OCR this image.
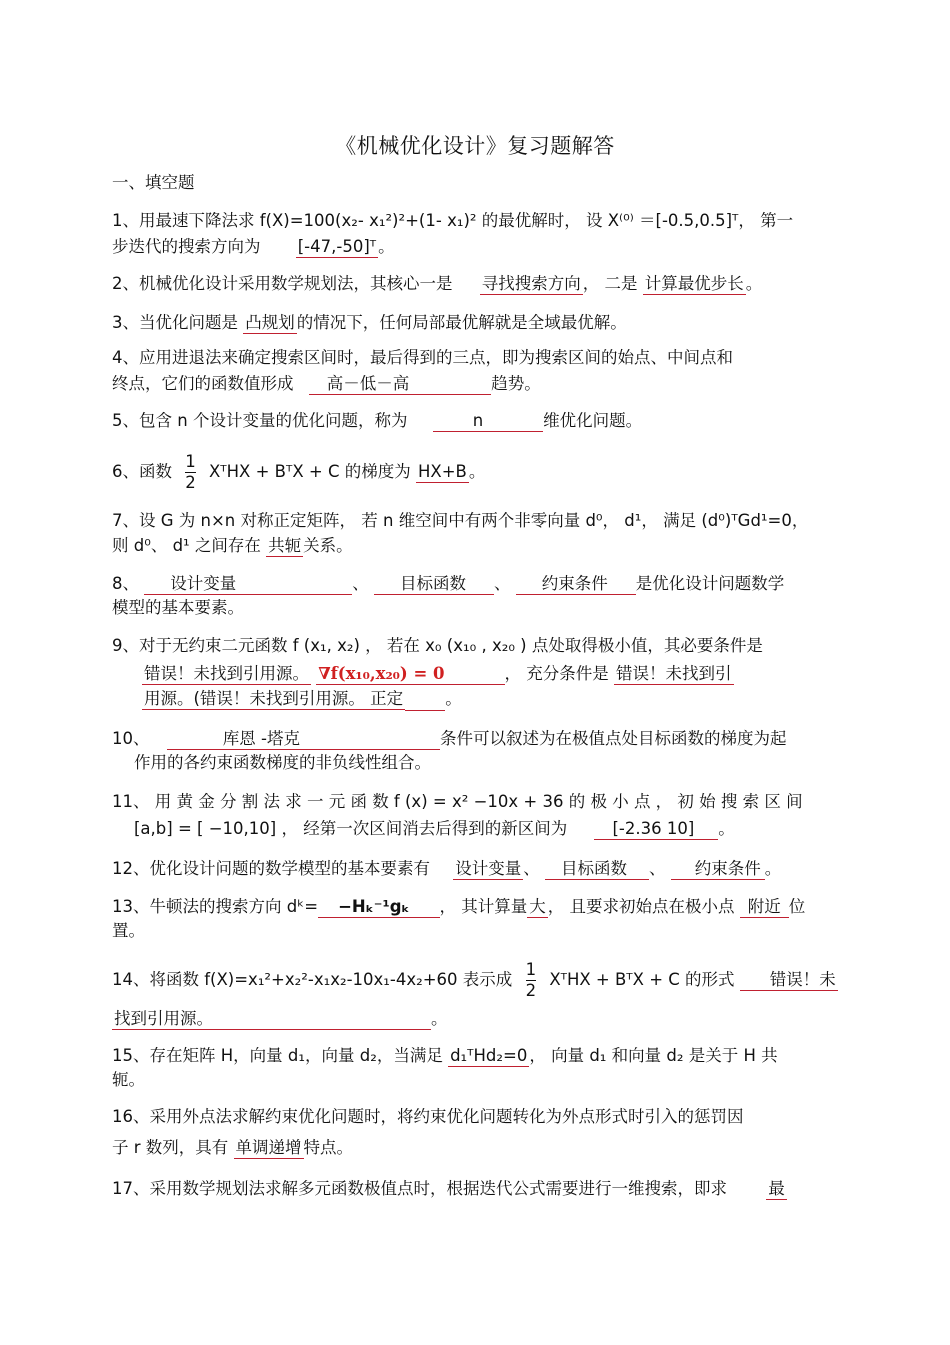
《机械优化设计》复习题解答
一、填空题
1、用最速下降法求 f(X)=100(x₂- x₁²)²+(1- x₁)² 的最优解时， 设 X⁽⁰⁾ ＝[-0.5,0.5]ᵀ， 第一
步迭代的搜索方向为 [-47,-50]ᵀ 。
2、机械优化设计采用数学规划法，其核心一是 寻找搜索方向 ， 二是 计算最优步长 。
3、当优化问题是 凸规划 的情况下，任何局部最优解就是全域最优解。
4、应用进退法来确定搜索区间时，最后得到的三点，即为搜索区间的始点、中间点和
终点，它们的函数值形成 高－低－高	趋势。
5、包含 n 个设计变量的优化问题，称为	n	维优化问题。
6、函数 $\frac{1}{2}$ XᵀHX + BᵀX + C 的梯度为 HX+B 。
7、设 G 为 n×n 对称正定矩阵， 若 n 维空间中有两个非零向量 d⁰， d¹， 满足 (d⁰)ᵀGd¹=0，
则 d⁰、 d¹ 之间存在 共轭 关系。
8、 设计变量	、 目标函数 、 约束条件 是优化设计问题数学
模型的基本要素。
9、对于无约束二元函数 f (x₁, x₂) ， 若在 x₀ (x₁₀ , x₂₀ ) 点处取得极小值，其必要条件是
错误！未找到引用源。 ∇f(x₁₀,x₂₀) = 0	， 充分条件是 错误！未找到引
用源。(错误！未找到引用源。 正定	。
10、	库恩 -塔克	条件可以叙述为在极值点处目标函数的梯度为起
作用的各约束函数梯度的非负线性组合。
11、 用 黄 金 分 割 法 求 一 元 函 数 f (x) = x² −10x + 36 的 极 小 点 ， 初 始 搜 索 区 间
[a,b] = [ −10,10] ， 经第一次区间消去后得到的新区间为	[-2.36 10] 。
12、优化设计问题的数学模型的基本要素有 设计变量 、 目标函数 、 约束条件 。
13、牛顿法的搜索方向 dᵏ= −Hₖ⁻¹gₖ ， 其计算量 大 ， 且要求初始点在极小点 附近 位
置。
14、将函数 f(X)=x₁²+x₂²-x₁x₂-10x₁-4x₂+60 表示成 $\frac{1}{2}$ XᵀHX + BᵀX + C 的形式 错误！未
找到引用源。	。
15、存在矩阵 H，向量 d₁，向量 d₂，当满足 d₁ᵀHd₂=0 ， 向量 d₁ 和向量 d₂ 是关于 H 共
轭。
16、采用外点法求解约束优化问题时，将约束优化问题转化为外点形式时引入的惩罚因
子 r 数列，具有 单调递增 特点。
17、采用数学规划法求解多元函数极值点时，根据迭代公式需要进行一维搜索，即求	最
